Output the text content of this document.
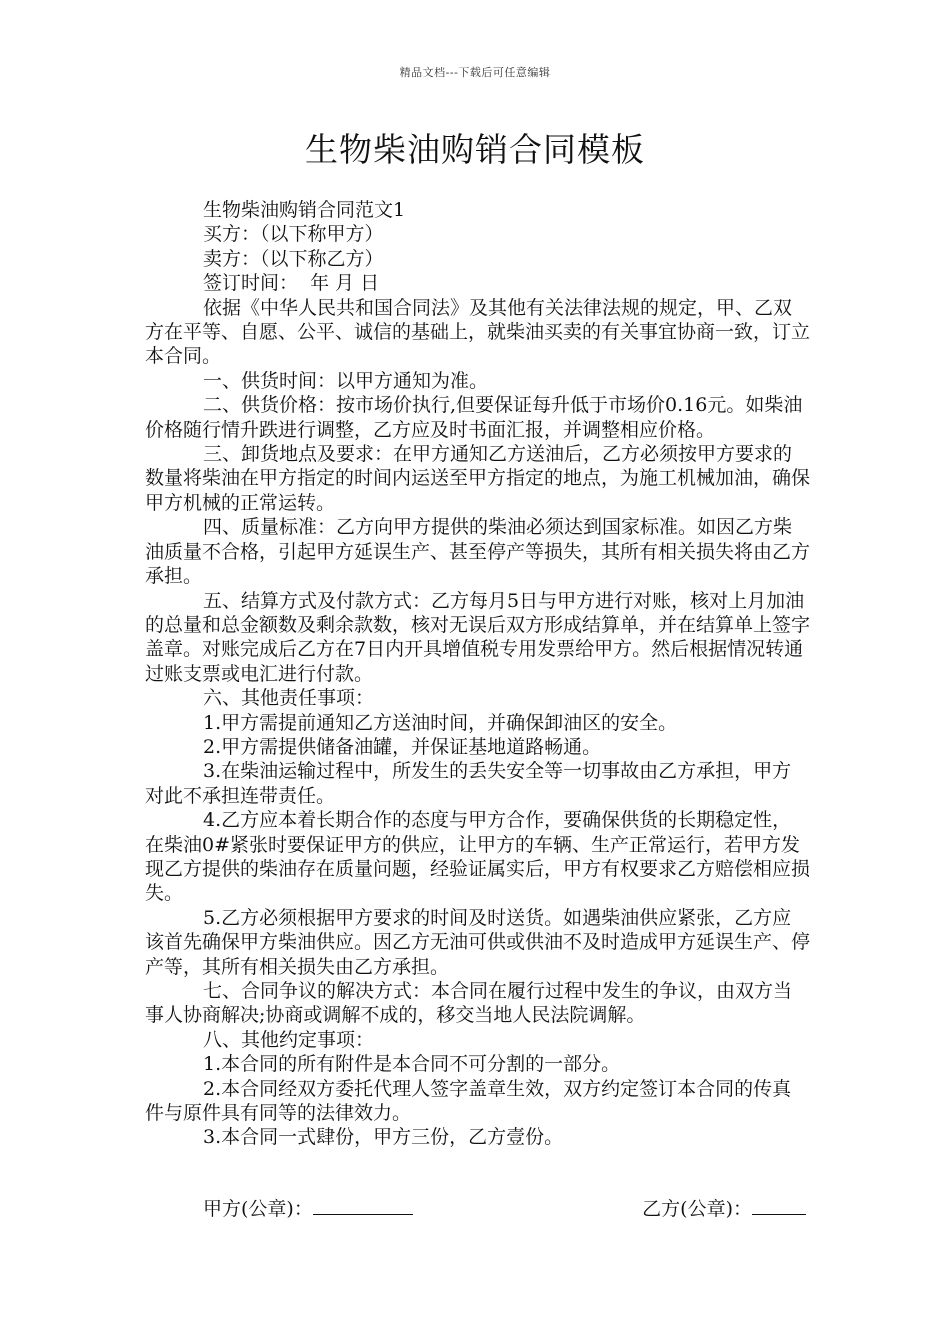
精品文档---下载后可任意编辑
生物柴油购销合同模板

生物柴油购销合同范文1

买方：（以下称甲方）

卖方：（以下称乙方）

签订时间：  年 月 日

依据《中华人民共和国合同法》及其他有关法律法规的规定，甲、乙双方在平等、自愿、公平、诚信的基础上，就柴油买卖的有关事宜协商一致，订立本合同。

一、供货时间：以甲方通知为准。

二、供货价格：按市场价执行,但要保证每升低于市场价0.16元。如柴油价格随行情升跌进行调整，乙方应及时书面汇报，并调整相应价格。

三、卸货地点及要求：在甲方通知乙方送油后，乙方必须按甲方要求的数量将柴油在甲方指定的时间内运送至甲方指定的地点，为施工机械加油，确保甲方机械的正常运转。

四、质量标准：乙方向甲方提供的柴油必须达到国家标准。如因乙方柴油质量不合格，引起甲方延误生产、甚至停产等损失，其所有相关损失将由乙方承担。

五、结算方式及付款方式：乙方每月5日与甲方进行对账，核对上月加油的总量和总金额数及剩余款数，核对无误后双方形成结算单，并在结算单上签字盖章。对账完成后乙方在7日内开具增值税专用发票给甲方。然后根据情况转通过账支票或电汇进行付款。

六、其他责任事项：

1.甲方需提前通知乙方送油时间，并确保卸油区的安全。

2.甲方需提供储备油罐，并保证基地道路畅通。

3.在柴油运输过程中，所发生的丢失安全等一切事故由乙方承担，甲方对此不承担连带责任。

4.乙方应本着长期合作的态度与甲方合作，要确保供货的长期稳定性，在柴油0#紧张时要保证甲方的供应，让甲方的车辆、生产正常运行，若甲方发现乙方提供的柴油存在质量问题，经验证属实后，甲方有权要求乙方赔偿相应损失。

5.乙方必须根据甲方要求的时间及时送货。如遇柴油供应紧张，乙方应该首先确保甲方柴油供应。因乙方无油可供或供油不及时造成甲方延误生产、停产等，其所有相关损失由乙方承担。

七、合同争议的解决方式：本合同在履行过程中发生的争议，由双方当事人协商解决;协商或调解不成的，移交当地人民法院调解。

八、其他约定事项：

1.本合同的所有附件是本合同不可分割的一部分。

2.本合同经双方委托代理人签字盖章生效，双方约定签订本合同的传真件与原件具有同等的法律效力。

3.本合同一式肆份，甲方三份，乙方壹份。

甲方(公章)：	乙方(公章)：
